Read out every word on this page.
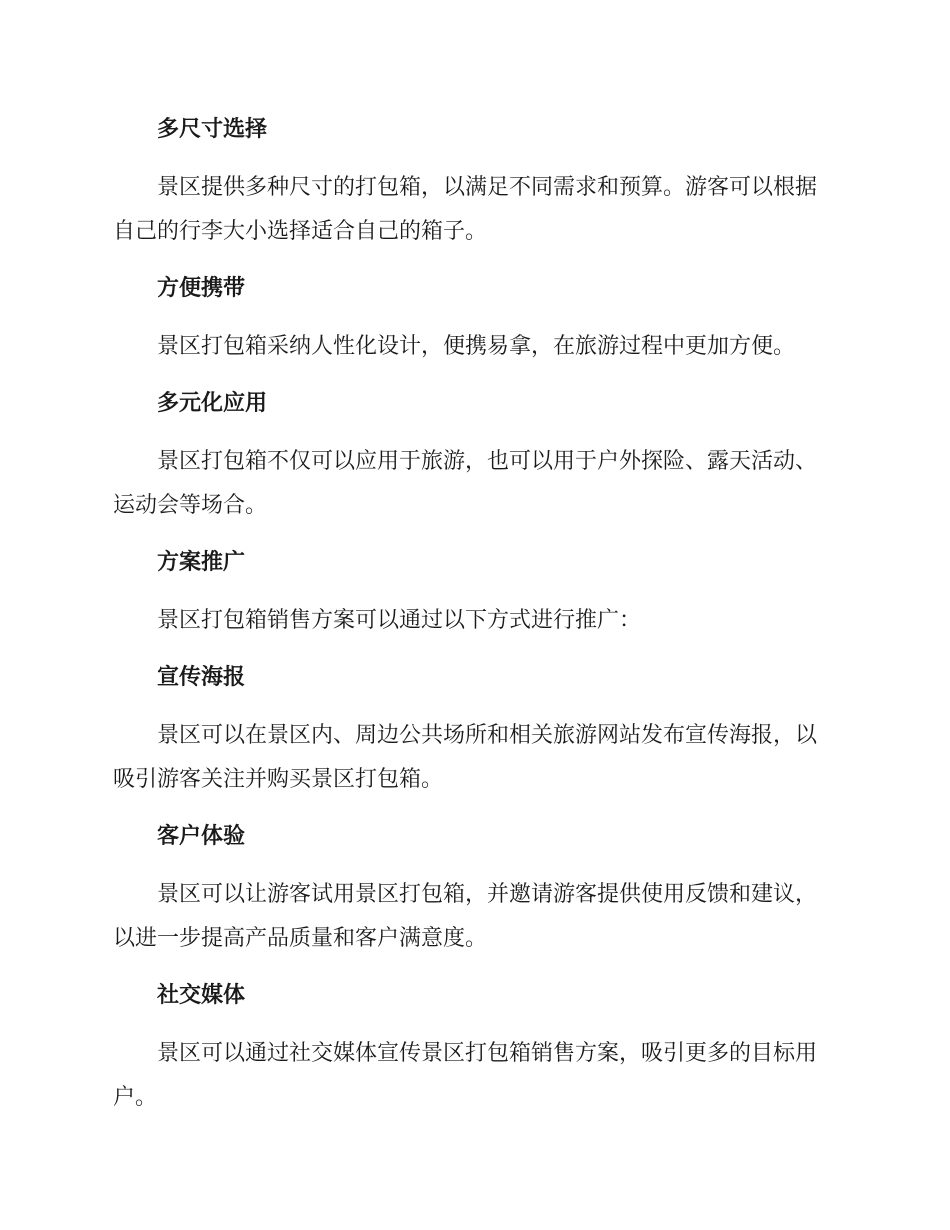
多尺寸选择

景区提供多种尺寸的打包箱，以满足不同需求和预算。游客可以根据自己的行李大小选择适合自己的箱子。

方便携带

景区打包箱采纳人性化设计，便携易拿，在旅游过程中更加方便。

多元化应用

景区打包箱不仅可以应用于旅游，也可以用于户外探险、露天活动、运动会等场合。

方案推广

景区打包箱销售方案可以通过以下方式进行推广：

宣传海报

景区可以在景区内、周边公共场所和相关旅游网站发布宣传海报，以吸引游客关注并购买景区打包箱。

客户体验

景区可以让游客试用景区打包箱，并邀请游客提供使用反馈和建议，以进一步提高产品质量和客户满意度。

社交媒体

景区可以通过社交媒体宣传景区打包箱销售方案，吸引更多的目标用户。
